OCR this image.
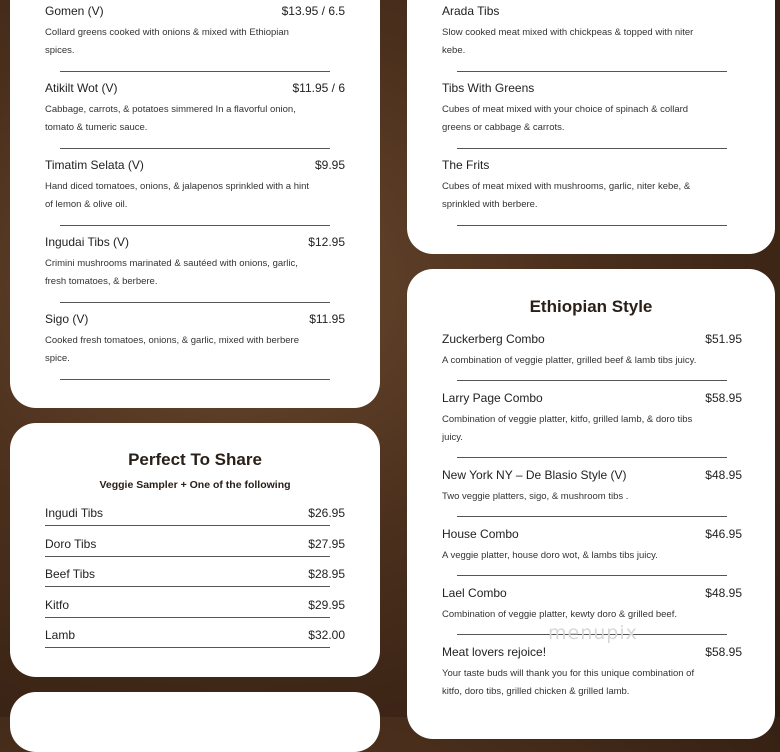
Gomen (V)	$13.95 / 6.5
Collard greens cooked with onions & mixed with Ethiopian
spices.
Atikilt Wot (V)	$11.95 / 6
Cabbage, carrots, & potatoes simmered In a flavorful onion,
tomato & tumeric sauce.
Timatim Selata (V)	$9.95
Hand diced tomatoes, onions, & jalapenos sprinkled with a hint
of lemon & olive oil.
Ingudai Tibs (V)	$12.95
Crimini mushrooms marinated & sautéed with onions, garlic,
fresh tomatoes, & berbere.
Sigo (V)	$11.95
Cooked fresh tomatoes, onions, & garlic, mixed with berbere
spice.
Perfect To Share
Veggie Sampler + One of the following
Ingudi Tibs	$26.95
Doro Tibs	$27.95
Beef Tibs	$28.95
Kitfo	$29.95
Lamb	$32.00
Arada Tibs
Slow cooked meat mixed with chickpeas & topped with niter
kebe.
Tibs With Greens
Cubes of meat mixed with your choice of spinach & collard
greens or cabbage & carrots.
The Frits
Cubes of meat mixed with mushrooms, garlic, niter kebe, &
sprinkled with berbere.
Ethiopian Style
Zuckerberg Combo	$51.95
A combination of veggie platter, grilled beef & lamb tibs juicy.
Larry Page Combo	$58.95
Combination of veggie platter, kitfo, grilled lamb, & doro tibs
juicy.
New York NY – De Blasio Style (V)	$48.95
Two veggie platters, sigo, & mushroom tibs .
House Combo	$46.95
A veggie platter, house doro wot, & lambs tibs juicy.
Lael Combo	$48.95
Combination of veggie platter, kewty doro & grilled beef.
Meat lovers rejoice!	$58.95
Your taste buds will thank you for this unique combination of
kitfo, doro tibs, grilled chicken & grilled lamb.
menupix
